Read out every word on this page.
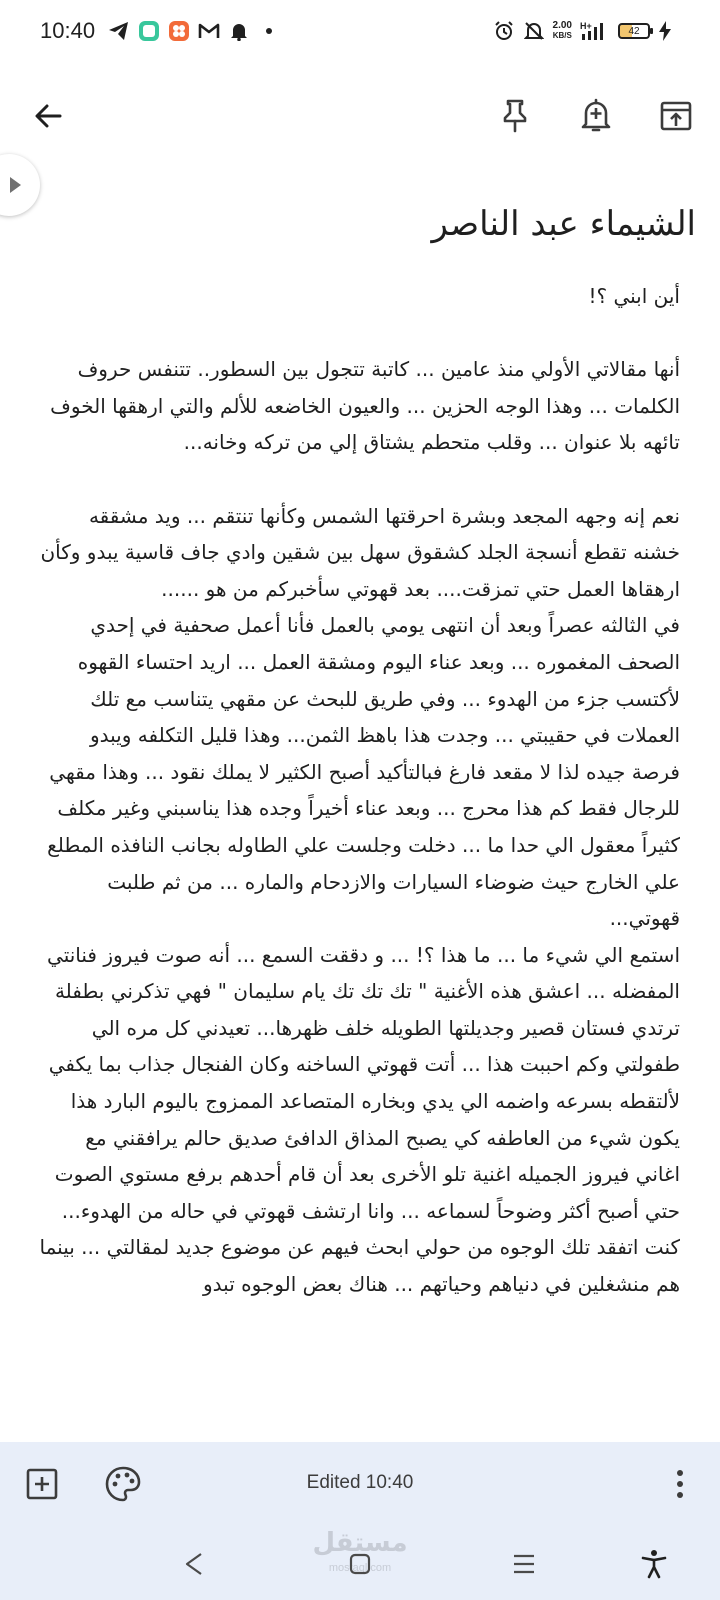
10:40	2.00
KB/S
H+	42
الشيماء عبد الناصر
أين ابني ؟!

أنها مقالاتي الأولي منذ عامين ... كاتبة تتجول بين السطور.. تتنفس حروف الكلمات ... وهذا الوجه الحزين ... والعيون الخاضعه للألم والتي ارهقها الخوف تائهه بلا عنوان ... وقلب متحطم يشتاق إلي من تركه وخانه...

نعم إنه وجهه المجعد وبشرة احرقتها الشمس وكأنها تنتقم ... ويد مشققه خشنه تقطع أنسجة الجلد كشقوق سهل بين شقين وادي جاف قاسية يبدو وكأن ارهقاها العمل حتي تمزقت.... بعد قهوتي سأخبركم من هو ......
في الثالثه عصراً وبعد أن انتهى يومي بالعمل فأنا أعمل صحفية في إحدي الصحف المغموره ... وبعد عناء اليوم ومشقة العمل ... اريد احتساء القهوه لأكتسب جزء من الهدوء ... وفي طريق للبحث عن مقهي يتناسب مع تلك العملات في حقيبتي ... وجدت هذا باهظ الثمن... وهذا قليل التكلفه ويبدو فرصة جيده لذا لا مقعد فارغ فبالتأكيد أصبح الكثير لا يملك نقود ... وهذا مقهي للرجال فقط كم هذا محرج ... وبعد عناء أخيراً وجده هذا يناسبني وغير مكلف كثيراً معقول الي حدا ما ... دخلت وجلست علي الطاوله بجانب النافذه المطلع علي الخارج حيث ضوضاء السيارات والازدحام والماره ... من ثم طلبت قهوتي...
استمع الي شيء ما ... ما هذا ؟! ... و دققت السمع ... أنه صوت فيروز فنانتي المفضله ... اعشق هذه الأغنية " تك تك تك يام سليمان " فهي تذكرني بطفلة ترتدي فستان قصير وجديلتها الطويله خلف ظهرها... تعيدني كل مره الي طفولتي وكم احببت هذا ... أتت قهوتي الساخنه وكان الفنجال جذاب بما يكفي لألتقطه بسرعه واضمه الي يدي وبخاره المتصاعد الممزوج باليوم البارد هذا يكون شيء من العاطفه كي يصبح المذاق الدافئ صديق حالم يرافقني مع اغاني فيروز الجميله اغنية تلو الأخرى بعد أن قام أحدهم برفع مستوي الصوت حتي أصبح أكثر وضوحاً لسماعه ... وانا ارتشف قهوتي في حاله من الهدوء... كنت اتفقد تلك الوجوه من حولي ابحث فيهم عن موضوع جديد لمقالتي ... بينما هم منشغلين في دنياهم وحياتهم ... هناك بعض الوجوه تبدو
Edited 10:40
مستقل
mostaql.com
